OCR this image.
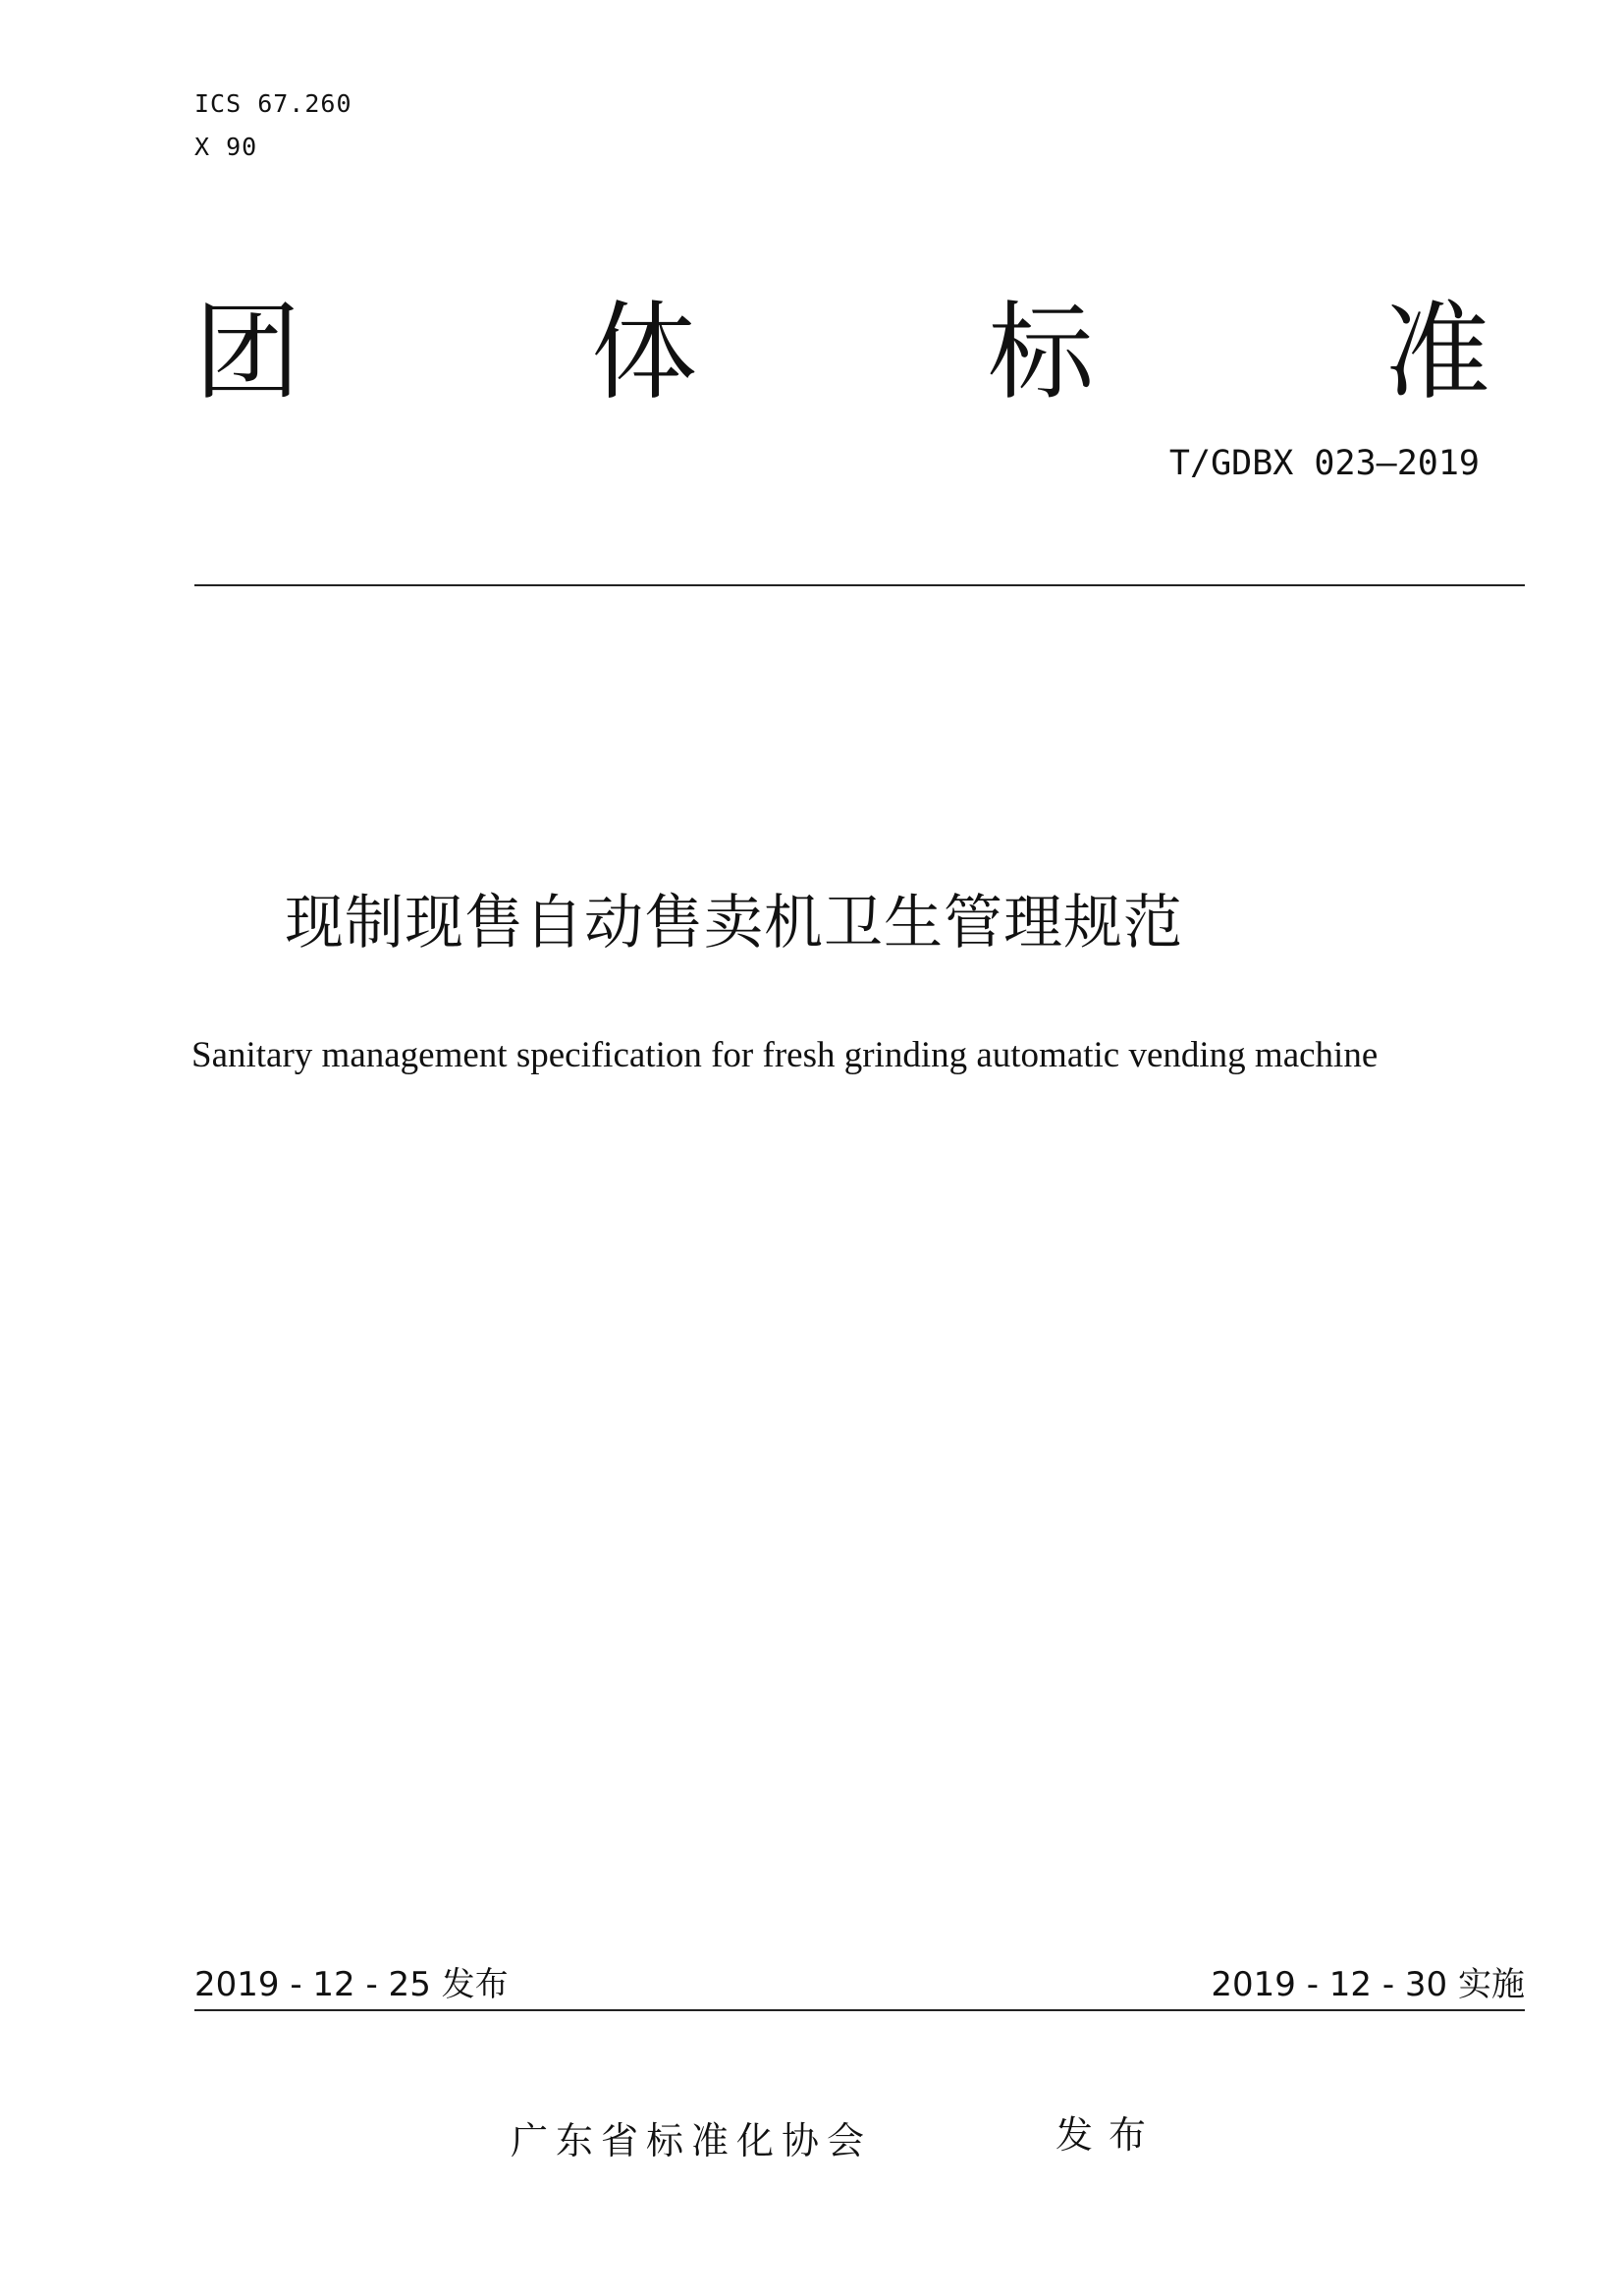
ICS 67.260
X 90
团	体	标	准
T/GDBX 023—2019
现制现售自动售卖机卫生管理规范
Sanitary management specification for fresh grinding automatic vending machine
2019 - 12 - 25 发布	2019 - 12 - 30 实施
广东省标准化协会	发布
